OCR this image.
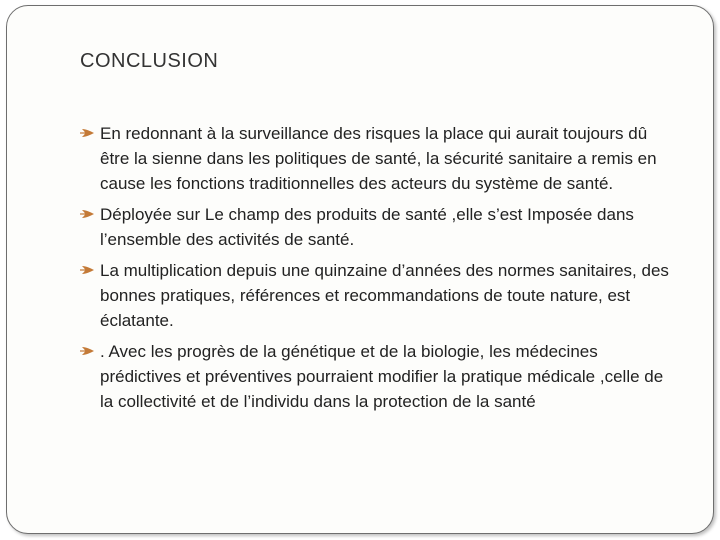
CONCLUSION
En redonnant à la surveillance des risques la place qui aurait toujours dû être la sienne dans les politiques de santé, la sécurité sanitaire a remis en cause les fonctions traditionnelles des acteurs du système de santé.
Déployée sur Le champ des produits de santé ,elle s’est Imposée dans l’ensemble des activités de santé.
La multiplication depuis une quinzaine d’années des normes sanitaires, des bonnes pratiques, références et recommandations de toute nature, est éclatante.
. Avec les progrès de la génétique et de la biologie, les médecines prédictives et préventives pourraient modifier la pratique médicale ,celle de la collectivité et de l’individu dans la protection de la santé
